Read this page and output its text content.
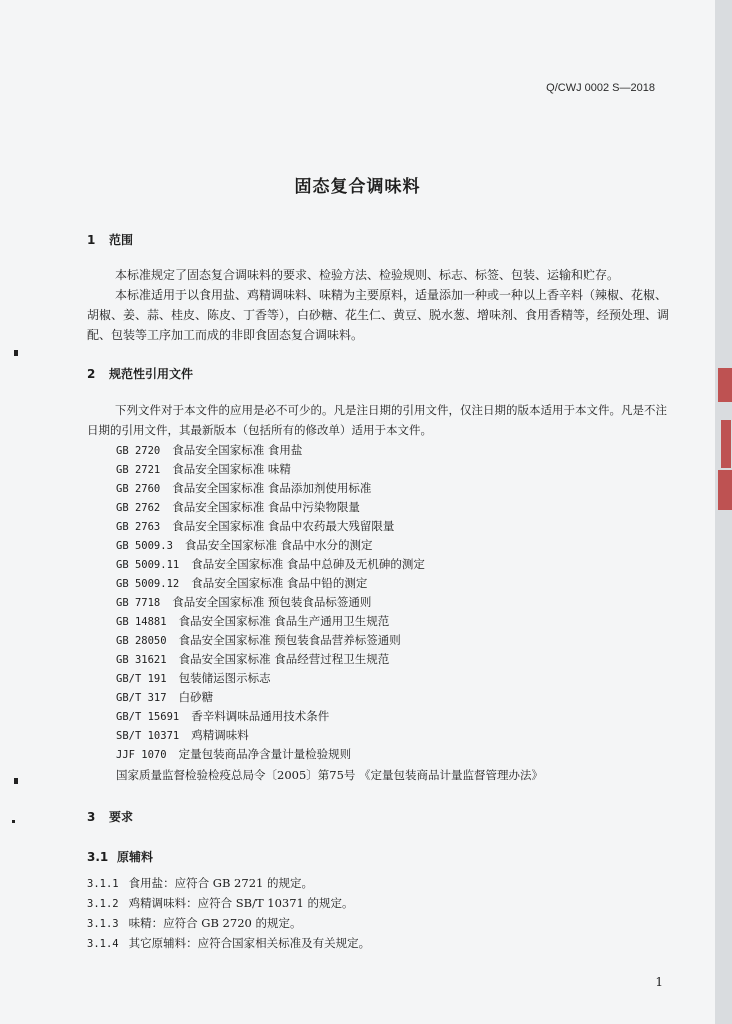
Q/CWJ 0002 S—2018
固态复合调味料
1 范围
本标准规定了固态复合调味料的要求、检验方法、检验规则、标志、标签、包装、运输和贮存。
本标准适用于以食用盐、鸡精调味料、味精为主要原料，适量添加一种或一种以上香辛料（辣椒、花椒、胡椒、姜、蒜、桂皮、陈皮、丁香等），白砂糖、花生仁、黄豆、脱水葱、增味剂、食用香精等，经预处理、调配、包装等工序加工而成的非即食固态复合调味料。
2 规范性引用文件
下列文件对于本文件的应用是必不可少的。凡是注日期的引用文件，仅注日期的版本适用于本文件。凡是不注日期的引用文件，其最新版本（包括所有的修改单）适用于本文件。
GB 2720 食品安全国家标准 食用盐
GB 2721 食品安全国家标准 味精
GB 2760 食品安全国家标准 食品添加剂使用标准
GB 2762 食品安全国家标准 食品中污染物限量
GB 2763 食品安全国家标准 食品中农药最大残留限量
GB 5009.3 食品安全国家标准 食品中水分的测定
GB 5009.11 食品安全国家标准 食品中总砷及无机砷的测定
GB 5009.12 食品安全国家标准 食品中铅的测定
GB 7718 食品安全国家标准 预包装食品标签通则
GB 14881 食品安全国家标准 食品生产通用卫生规范
GB 28050 食品安全国家标准 预包装食品营养标签通则
GB 31621 食品安全国家标准 食品经营过程卫生规范
GB/T 191 包装储运图示标志
GB/T 317 白砂糖
GB/T 15691 香辛料调味品通用技术条件
SB/T 10371 鸡精调味料
JJF 1070 定量包装商品净含量计量检验规则
国家质量监督检验检疫总局令〔2005〕第75号 《定量包装商品计量监督管理办法》
3 要求
3.1 原辅料
3.1.1 食用盐：应符合 GB 2721 的规定。
3.1.2 鸡精调味料：应符合 SB/T 10371 的规定。
3.1.3 味精：应符合 GB 2720 的规定。
3.1.4 其它原辅料：应符合国家相关标准及有关规定。
1
